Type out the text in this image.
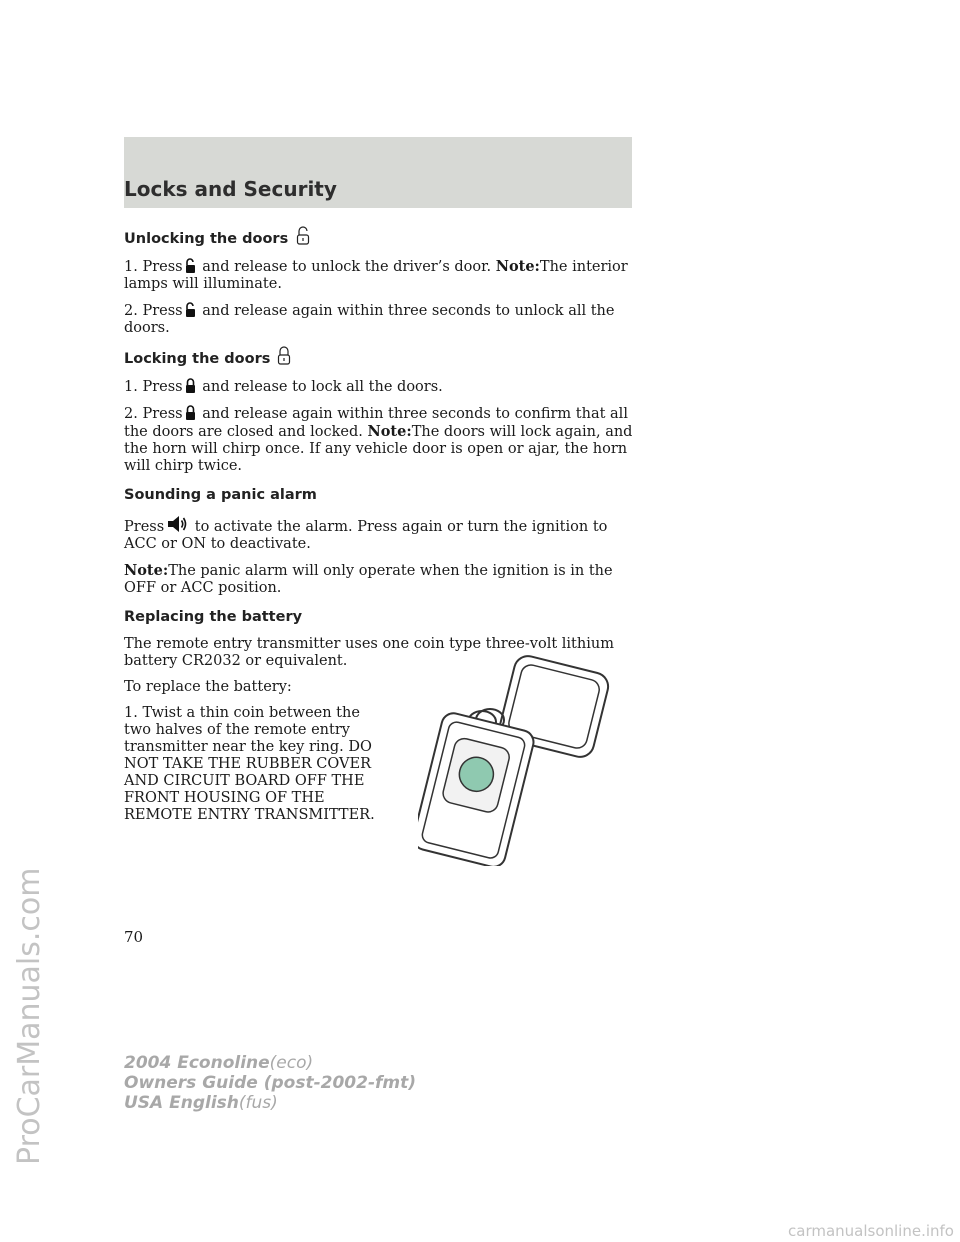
Locks and Security
Unlocking the doors

1. Press and release to unlock the driver’s door. Note:The interior lamps will illuminate.

2. Press and release again within three seconds to unlock all the doors.

Locking the doors

1. Press and release to lock all the doors.

2. Press and release again within three seconds to confirm that all the doors are closed and locked. Note:The doors will lock again, and the horn will chirp once. If any vehicle door is open or ajar, the horn will chirp twice.

Sounding a panic alarm

Press to activate the alarm. Press again or turn the ignition to ACC or ON to deactivate.

Note:The panic alarm will only operate when the ignition is in the OFF or ACC position.

Replacing the battery

The remote entry transmitter uses one coin type three-volt lithium battery CR2032 or equivalent.

To replace the battery:

1. Twist a thin coin between the two halves of the remote entry transmitter near the key ring. DO NOT TAKE THE RUBBER COVER AND CIRCUIT BOARD OFF THE FRONT HOUSING OF THE REMOTE ENTRY TRANSMITTER.

70
2004 Econoline(eco)
Owners Guide (post-2002-fmt)
USA English(fus)
ProCarManuals.com
carmanualsonline.info
